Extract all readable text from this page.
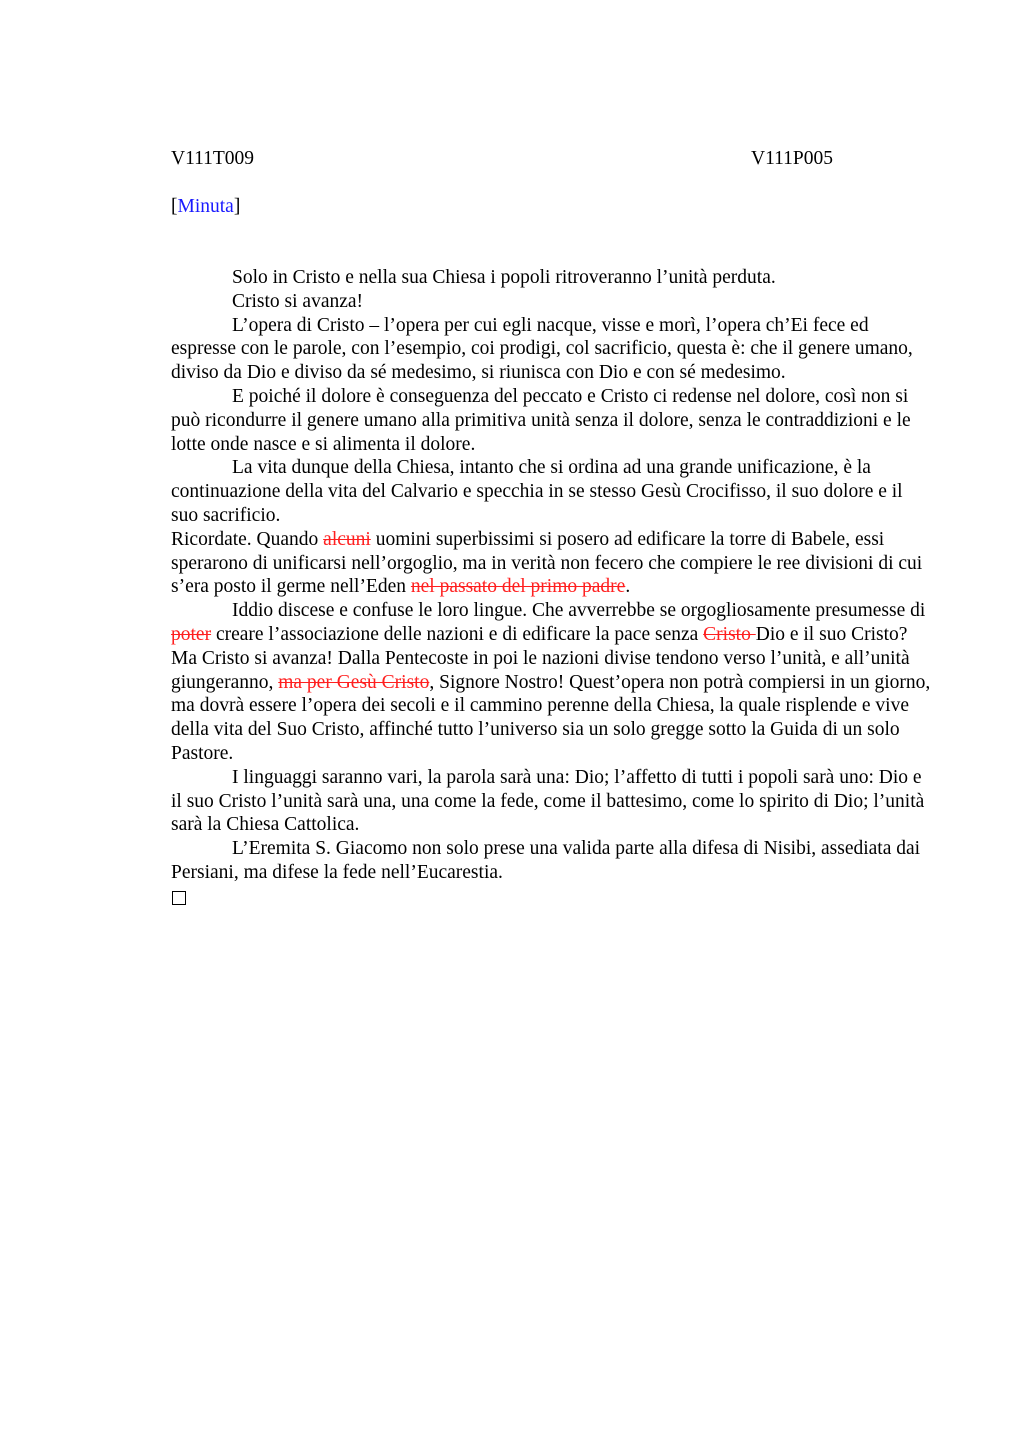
V111T009	V111P005
[Minuta]

Solo in Cristo e nella sua Chiesa i popoli ritroveranno l’unità perduta.

Cristo si avanza!

L’opera di Cristo – l’opera per cui egli nacque, visse e morì, l’opera ch’Ei fece ed espresse con le parole, con l’esempio, coi prodigi, col sacrificio, questa è: che il genere umano, diviso da Dio e diviso da sé medesimo, si riunisca con Dio e con sé medesimo.

E poiché il dolore è conseguenza del peccato e Cristo ci redense nel dolore, così non si può ricondurre il genere umano alla primitiva unità senza il dolore, senza le contraddizioni e le lotte onde nasce e si alimenta il dolore.

La vita dunque della Chiesa, intanto che si ordina ad una grande unificazione, è la continuazione della vita del Calvario e specchia in se stesso Gesù Crocifisso, il suo dolore e il suo sacrificio.

Ricordate. Quando alcuni uomini superbissimi si posero ad edificare la torre di Babele, essi sperarono di unificarsi nell’orgoglio, ma in verità non fecero che compiere le ree divisioni di cui s’era posto il germe nell’Eden nel passato del primo padre.

Iddio discese e confuse le loro lingue. Che avverrebbe se orgogliosamente presumesse di poter creare l’associazione delle nazioni e di edificare la pace senza Cristo Dio e il suo Cristo? Ma Cristo si avanza! Dalla Pentecoste in poi le nazioni divise tendono verso l’unità, e all’unità giungeranno, ma per Gesù Cristo, Signore Nostro! Quest’opera non potrà compiersi in un giorno, ma dovrà essere l’opera dei secoli e il cammino perenne della Chiesa, la quale risplende e vive della vita del Suo Cristo, affinché tutto l’universo sia un solo gregge sotto la Guida di un solo Pastore.

I linguaggi saranno vari, la parola sarà una: Dio; l’affetto di tutti i popoli sarà uno: Dio e il suo Cristo l’unità sarà una, una come la fede, come il battesimo, come lo spirito di Dio; l’unità sarà la Chiesa Cattolica.

L’Eremita S. Giacomo non solo prese una valida parte alla difesa di Nisibi, assediata dai Persiani, ma difese la fede nell’Eucarestia.
